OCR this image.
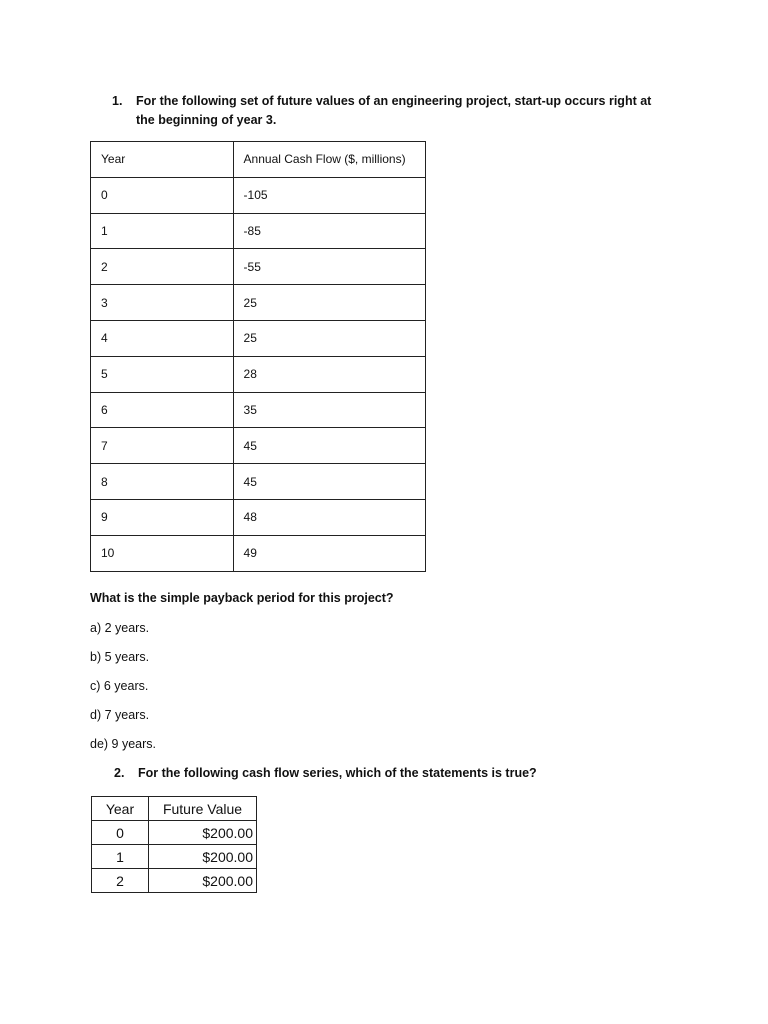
1. For the following set of future values of an engineering project, start-up occurs right at the beginning of year 3.
Year	Annual Cash Flow ($, millions)
0	-105
1	-85
2	-55
3	25
4	25
5	28
6	35
7	45
8	45
9	48
10	49
What is the simple payback period for this project?
a) 2 years.
b) 5 years.
c) 6 years.
d) 7 years.
de) 9 years.
2. For the following cash flow series, which of the statements is true?
Year	Future Value
0	$200.00
1	$200.00
2	$200.00
